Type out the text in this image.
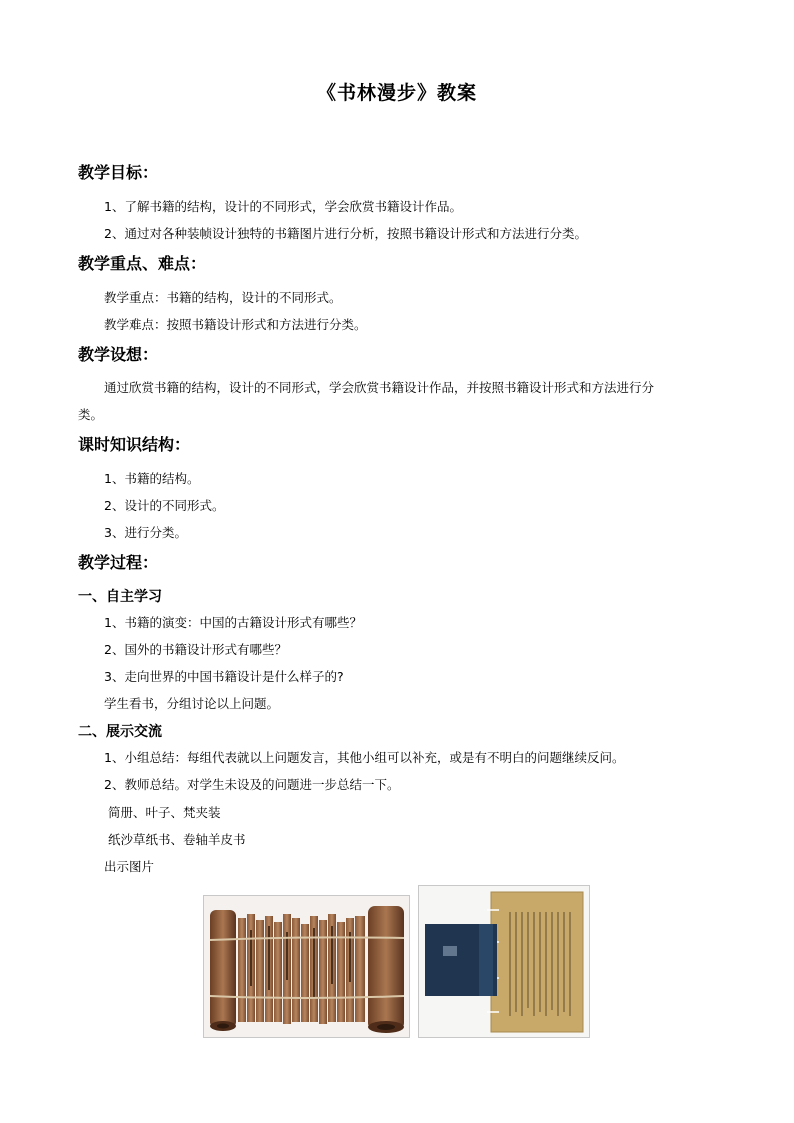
《书林漫步》教案
教学目标：
1、了解书籍的结构，设计的不同形式，学会欣赏书籍设计作品。
2、通过对各种装帧设计独特的书籍图片进行分析，按照书籍设计形式和方法进行分类。
教学重点、难点：
教学重点：书籍的结构，设计的不同形式。
教学难点：按照书籍设计形式和方法进行分类。
教学设想：
通过欣赏书籍的结构，设计的不同形式，学会欣赏书籍设计作品，并按照书籍设计形式和方法进行分
类。
课时知识结构：
1、书籍的结构。
2、设计的不同形式。
3、进行分类。
教学过程：
一、自主学习
1、书籍的演变：中国的古籍设计形式有哪些？
2、国外的书籍设计形式有哪些？
3、走向世界的中国书籍设计是什么样子的?
学生看书，分组讨论以上问题。
二、展示交流
1、小组总结：每组代表就以上问题发言，其他小组可以补充，或是有不明白的问题继续反问。
2、教师总结。对学生未设及的问题进一步总结一下。
简册、叶子、梵夹装
纸沙草纸书、卷轴羊皮书
出示图片
